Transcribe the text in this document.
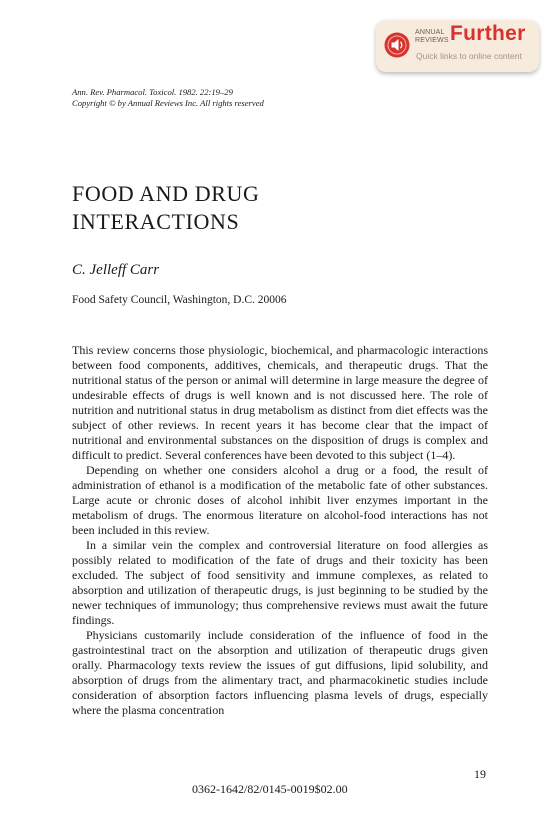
ANNUAL REVIEWS Further
Quick links to online content
Ann. Rev. Pharmacol. Toxicol. 1982. 22:19–29
Copyright © by Annual Reviews Inc. All rights reserved
FOOD AND DRUG
INTERACTIONS
C. Jelleff Carr
Food Safety Council, Washington, D.C. 20006

This review concerns those physiologic, biochemical, and pharmacologic interactions between food components, additives, chemicals, and therapeutic drugs. That the nutritional status of the person or animal will determine in large measure the degree of undesirable effects of drugs is well known and is not discussed here. The role of nutrition and nutritional status in drug metabolism as distinct from diet effects was the subject of other reviews. In recent years it has become clear that the impact of nutritional and environmental substances on the disposition of drugs is complex and difficult to predict. Several conferences have been devoted to this subject (1–4).

Depending on whether one considers alcohol a drug or a food, the result of administration of ethanol is a modification of the metabolic fate of other substances. Large acute or chronic doses of alcohol inhibit liver enzymes important in the metabolism of drugs. The enormous literature on alcohol-food interactions has not been included in this review.

In a similar vein the complex and controversial literature on food allergies as possibly related to modification of the fate of drugs and their toxicity has been excluded. The subject of food sensitivity and immune complexes, as related to absorption and utilization of therapeutic drugs, is just beginning to be studied by the newer techniques of immunology; thus comprehensive reviews must await the future findings.

Physicians customarily include consideration of the influence of food in the gastrointestinal tract on the absorption and utilization of therapeutic drugs given orally. Pharmacology texts review the issues of gut diffusions, lipid solubility, and absorption of drugs from the alimentary tract, and pharmacokinetic studies include consideration of absorption factors influencing plasma levels of drugs, especially where the plasma concentration

19
0362-1642/82/0145-0019$02.00
